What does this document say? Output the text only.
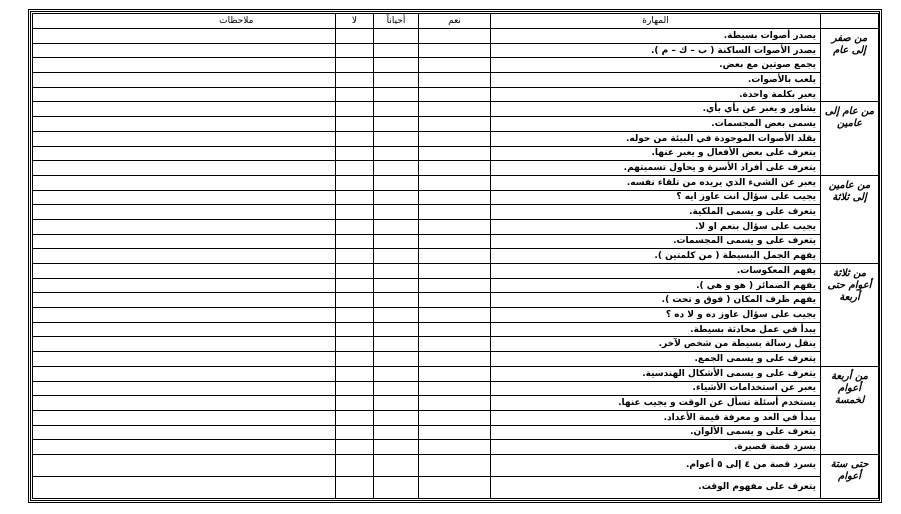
	المهارة	نعم	أحياناً	لا	ملاحظات
من صفر إلى عام	يصدر أصوات بسيطة.				
	يصدر الأصوات الساكنة ( ب – ك – م ).				
	يجمع صوتين مع بعض.				
	يلعب بالأصوات.				
	يعبر بكلمة واحدة.				
من عام إلى عامين	يشاور و يعبر عن بأي بأي.				
	يسمى بعض المجسمات.				
	يقلد الأصوات الموجودة في البيئة من حوله.				
	يتعرف على بعض الأفعال و يعبر عنها.				
	يتعرف على أفراد الأسرة و يحاول تسميتهم.				
من عامين إلى ثلاثة	يعبر عن الشيء الذي يريده من تلقاء نفسه.				
	يجيب على سؤال انت عاوز ايه ؟				
	يتعرف على و يسمى الملكية.				
	يجيب على سؤال بنعم او لا.				
	يتعرف على و يسمى المجسمات.				
	يفهم الجمل البسيطة ( من كلمتين ).				
من ثلاثة أعوام حتى أربعة	يفهم المعكوسات.				
	يفهم الضمائر ( هو و هي ).				
	يفهم ظرف المكان ( فوق و تحت ).				
	يجيب على سؤال عاوز ده و لا ده ؟				
	يبدأ في عمل محادثة بسيطة.				
	ينقل رسالة بسيطة من شخص لآخر.				
	يتعرف على و يسمى الجمع.				
من أربعة أعوام لخمسة	يتعرف على و يسمى الأشكال الهندسية.				
	يعبر عن استخدامات الأشياء.				
	يستخدم أسئلة تسأل عن الوقت و يجيب عنها.				
	يبدأ في العد و معرفة قيمة الأعداد.				
	يتعرف على و يسمى الألوان.				
	يسرد قصة قصيرة.				
حتى ستة أعوام	يسرد قصة من ٤ إلى ٥ أعوام.				
	يتعرف على مفهوم الوقت.				
